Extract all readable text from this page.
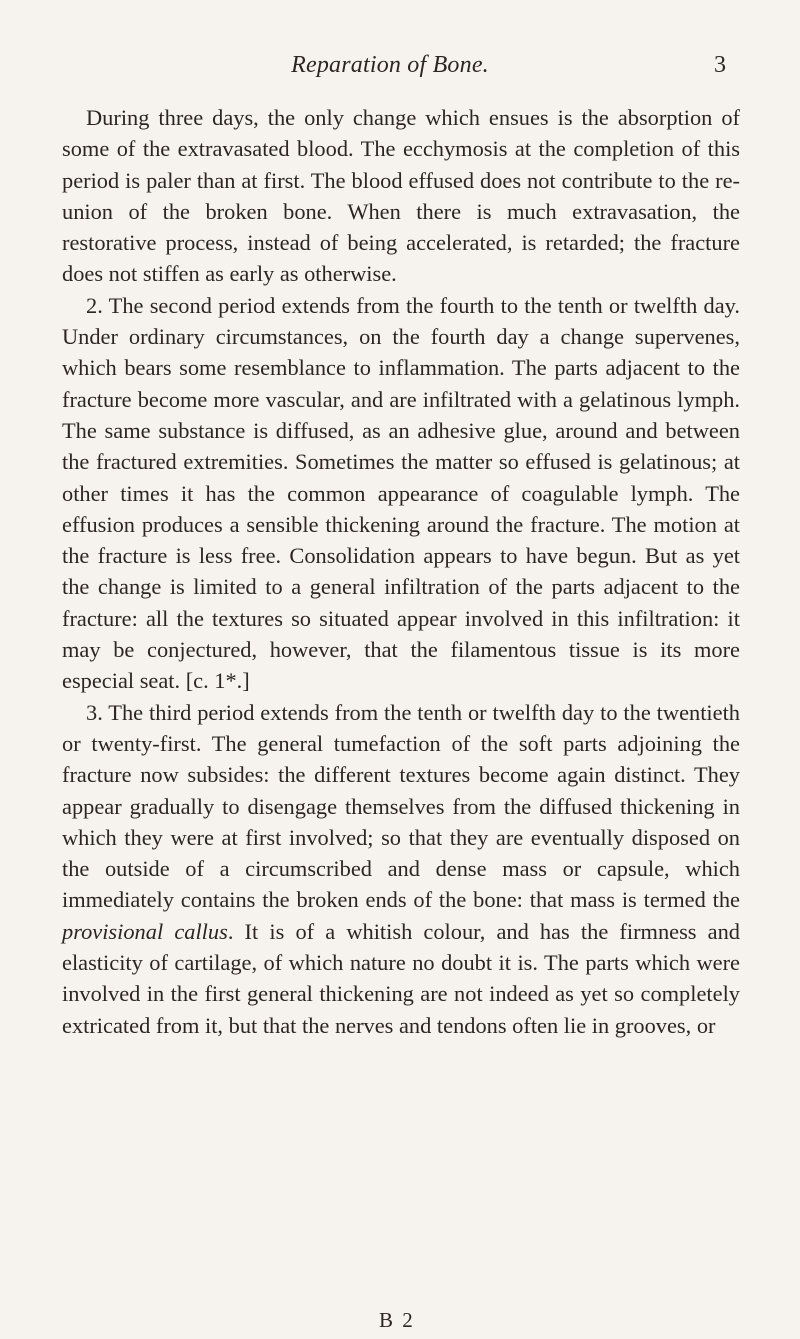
Reparation of Bone.	3

During three days, the only change which ensues is the absorption of some of the extravasated blood. The ecchymosis at the completion of this period is paler than at first. The blood effused does not contribute to the reunion of the broken bone. When there is much extravasation, the restorative process, instead of being accelerated, is retarded; the fracture does not stiffen as early as otherwise.

2. The second period extends from the fourth to the tenth or twelfth day. Under ordinary circumstances, on the fourth day a change supervenes, which bears some resemblance to inflammation. The parts adjacent to the fracture become more vascular, and are infiltrated with a gelatinous lymph. The same substance is diffused, as an adhesive glue, around and between the fractured extremities. Sometimes the matter so effused is gelatinous; at other times it has the common appearance of coagulable lymph. The effusion produces a sensible thickening around the fracture. The motion at the fracture is less free. Consolidation appears to have begun. But as yet the change is limited to a general infiltration of the parts adjacent to the fracture: all the textures so situated appear involved in this infiltration: it may be conjectured, however, that the filamentous tissue is its more especial seat. [c. 1*.]

3. The third period extends from the tenth or twelfth day to the twentieth or twenty-first. The general tumefaction of the soft parts adjoining the fracture now subsides: the different textures become again distinct. They appear gradually to disengage themselves from the diffused thickening in which they were at first involved; so that they are eventually disposed on the outside of a circumscribed and dense mass or capsule, which immediately contains the broken ends of the bone: that mass is termed the provisional callus. It is of a whitish colour, and has the firmness and elasticity of cartilage, of which nature no doubt it is. The parts which were involved in the first general thickening are not indeed as yet so completely extricated from it, but that the nerves and tendons often lie in grooves, or

B 2
